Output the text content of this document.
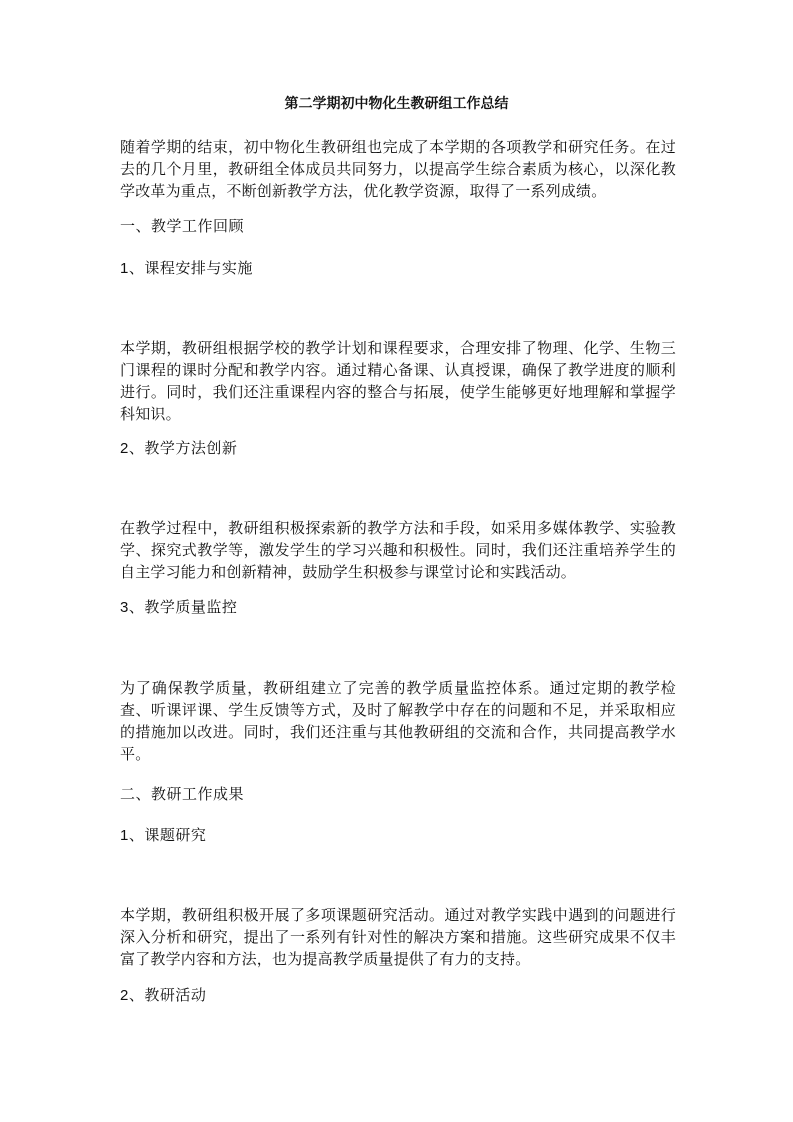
第二学期初中物化生教研组工作总结

随着学期的结束，初中物化生教研组也完成了本学期的各项教学和研究任务。在过去的几个月里，教研组全体成员共同努力，以提高学生综合素质为核心，以深化教学改革为重点，不断创新教学方法，优化教学资源，取得了一系列成绩。

一、教学工作回顾

1、课程安排与实施

本学期，教研组根据学校的教学计划和课程要求，合理安排了物理、化学、生物三门课程的课时分配和教学内容。通过精心备课、认真授课，确保了教学进度的顺利进行。同时，我们还注重课程内容的整合与拓展，使学生能够更好地理解和掌握学科知识。

2、教学方法创新

在教学过程中，教研组积极探索新的教学方法和手段，如采用多媒体教学、实验教学、探究式教学等，激发学生的学习兴趣和积极性。同时，我们还注重培养学生的自主学习能力和创新精神，鼓励学生积极参与课堂讨论和实践活动。

3、教学质量监控

为了确保教学质量，教研组建立了完善的教学质量监控体系。通过定期的教学检查、听课评课、学生反馈等方式，及时了解教学中存在的问题和不足，并采取相应的措施加以改进。同时，我们还注重与其他教研组的交流和合作，共同提高教学水平。

二、教研工作成果

1、课题研究

本学期，教研组积极开展了多项课题研究活动。通过对教学实践中遇到的问题进行深入分析和研究，提出了一系列有针对性的解决方案和措施。这些研究成果不仅丰富了教学内容和方法，也为提高教学质量提供了有力的支持。

2、教研活动
